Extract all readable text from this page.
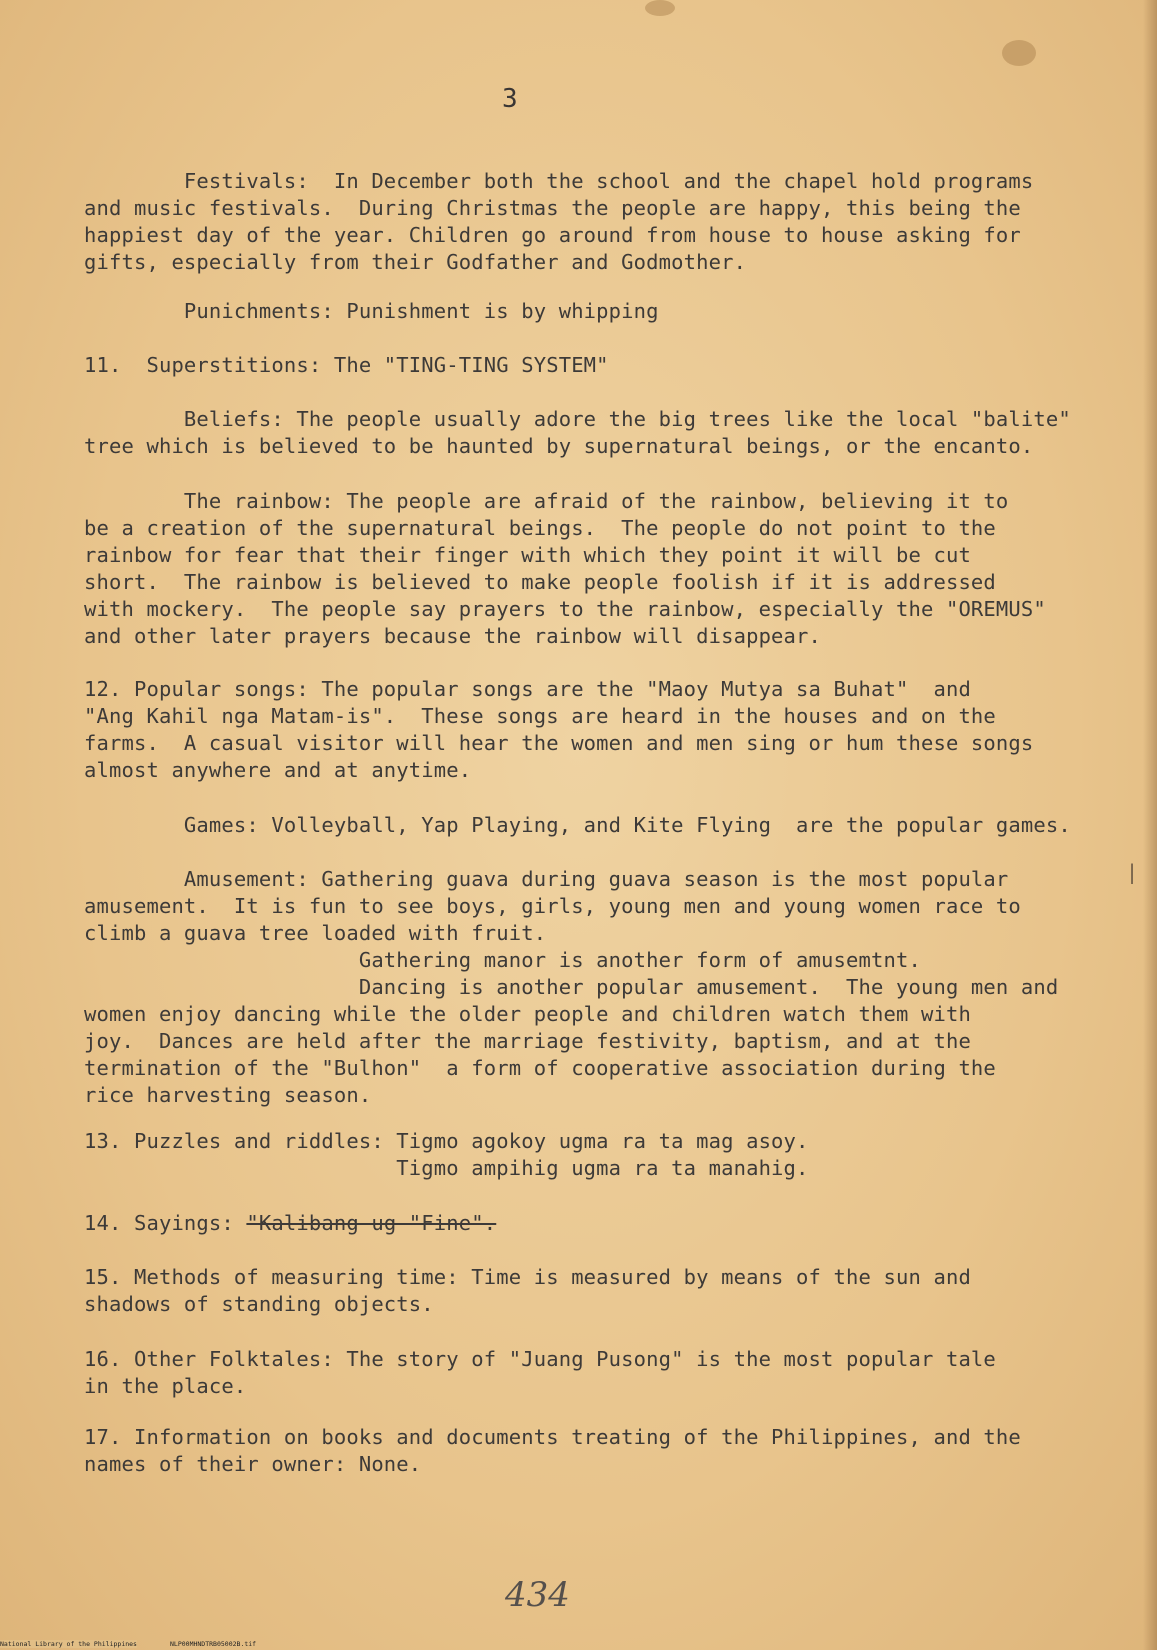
3
Festivals:  In December both the school and the chapel hold programs
and music festivals.  During Christmas the people are happy, this being the
happiest day of the year. Children go around from house to house asking for
gifts, especially from their Godfather and Godmother.
Punichments: Punishment is by whipping
11.  Superstitions: The "TING-TING SYSTEM"
Beliefs: The people usually adore the big trees like the local "balite"
tree which is believed to be haunted by supernatural beings, or the encanto.
The rainbow: The people are afraid of the rainbow, believing it to
be a creation of the supernatural beings.  The people do not point to the
rainbow for fear that their finger with which they point it will be cut
short.  The rainbow is believed to make people foolish if it is addressed
with mockery.  The people say prayers to the rainbow, especially the "OREMUS"
and other later prayers because the rainbow will disappear.
12. Popular songs: The popular songs are the "Maoy Mutya sa Buhat"  and
"Ang Kahil nga Matam-is".  These songs are heard in the houses and on the
farms.  A casual visitor will hear the women and men sing or hum these songs
almost anywhere and at anytime.
Games: Volleyball, Yap Playing, and Kite Flying  are the popular games.
Amusement: Gathering guava during guava season is the most popular
amusement.  It is fun to see boys, girls, young men and young women race to
climb a guava tree loaded with fruit.
Gathering manor is another form of amusemtnt.
Dancing is another popular amusement.  The young men and
women enjoy dancing while the older people and children watch them with
joy.  Dances are held after the marriage festivity, baptism, and at the
termination of the "Bulhon"  a form of cooperative association during the
rice harvesting season.
13. Puzzles and riddles: Tigmo agokoy ugma ra ta mag asoy.
Tigmo ampihig ugma ra ta manahig.
14. Sayings: "Kalibang ug "Fine".
15. Methods of measuring time: Time is measured by means of the sun and
shadows of standing objects.
16. Other Folktales: The story of "Juang Pusong" is the most popular tale
in the place.
17. Information on books and documents treating of the Philippines, and the
names of their owner: None.
|
434
National Library of the Philippines	NLP00MHNDTRB05002B.tif
